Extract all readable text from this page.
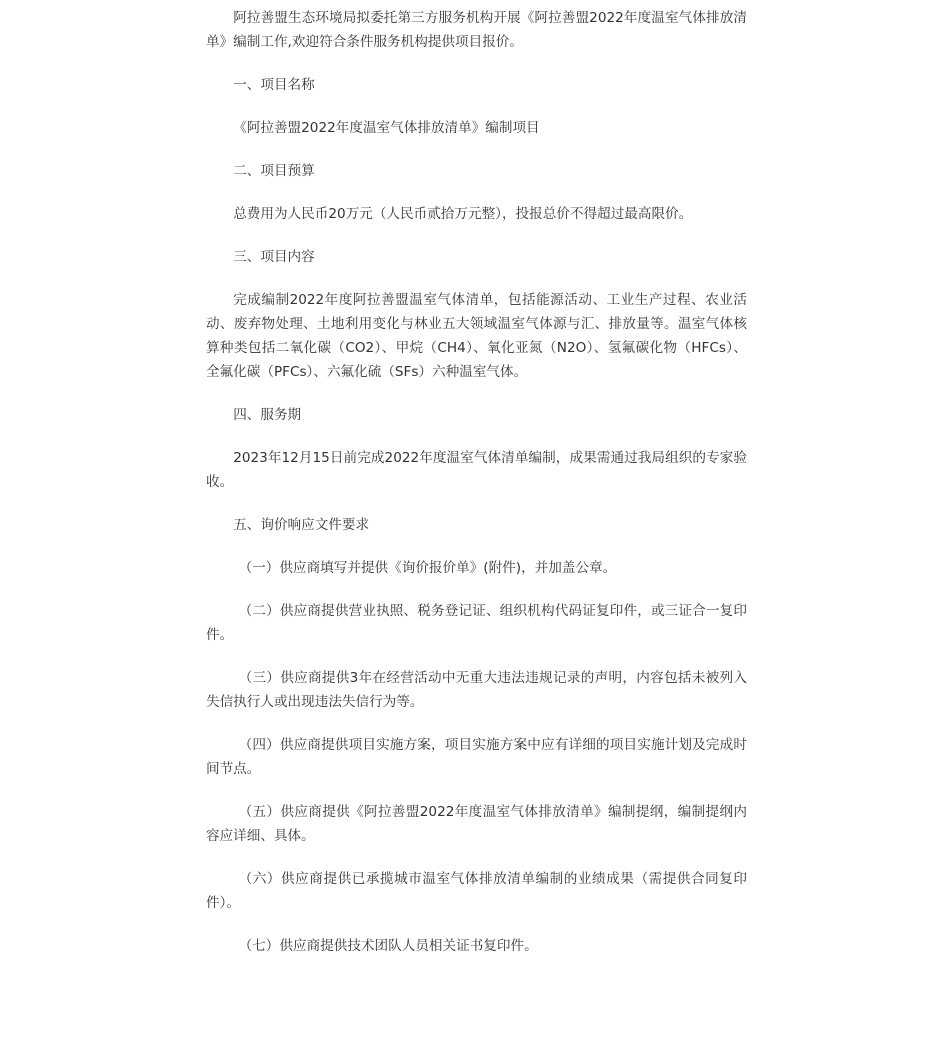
阿拉善盟生态环境局拟委托第三方服务机构开展《阿拉善盟2022年度温室气体排放清单》编制工作,欢迎符合条件服务机构提供项目报价。

一、项目名称

《阿拉善盟2022年度温室气体排放清单》编制项目

二、项目预算

总费用为人民币20万元（人民币贰拾万元整），投报总价不得超过最高限价。

三、项目内容

完成编制2022年度阿拉善盟温室气体清单，包括能源活动、工业生产过程、农业活动、废弃物处理、土地利用变化与林业五大领域温室气体源与汇、排放量等。温室气体核算种类包括二氧化碳（CO2）、甲烷（CH4）、氧化亚氮（N2O）、氢氟碳化物（HFCs）、全氟化碳（PFCs）、六氟化硫（SFs）六种温室气体。

四、服务期

2023年12月15日前完成2022年度温室气体清单编制，成果需通过我局组织的专家验收。

五、询价响应文件要求

（一）供应商填写并提供《询价报价单》(附件)，并加盖公章。

（二）供应商提供营业执照、税务登记证、组织机构代码证复印件，或三证合一复印件。

（三）供应商提供3年在经营活动中无重大违法违规记录的声明，内容包括未被列入失信执行人或出现违法失信行为等。

（四）供应商提供项目实施方案，项目实施方案中应有详细的项目实施计划及完成时间节点。

（五）供应商提供《阿拉善盟2022年度温室气体排放清单》编制提纲，编制提纲内容应详细、具体。

（六）供应商提供已承揽城市温室气体排放清单编制的业绩成果（需提供合同复印件）。

（七）供应商提供技术团队人员相关证书复印件。
